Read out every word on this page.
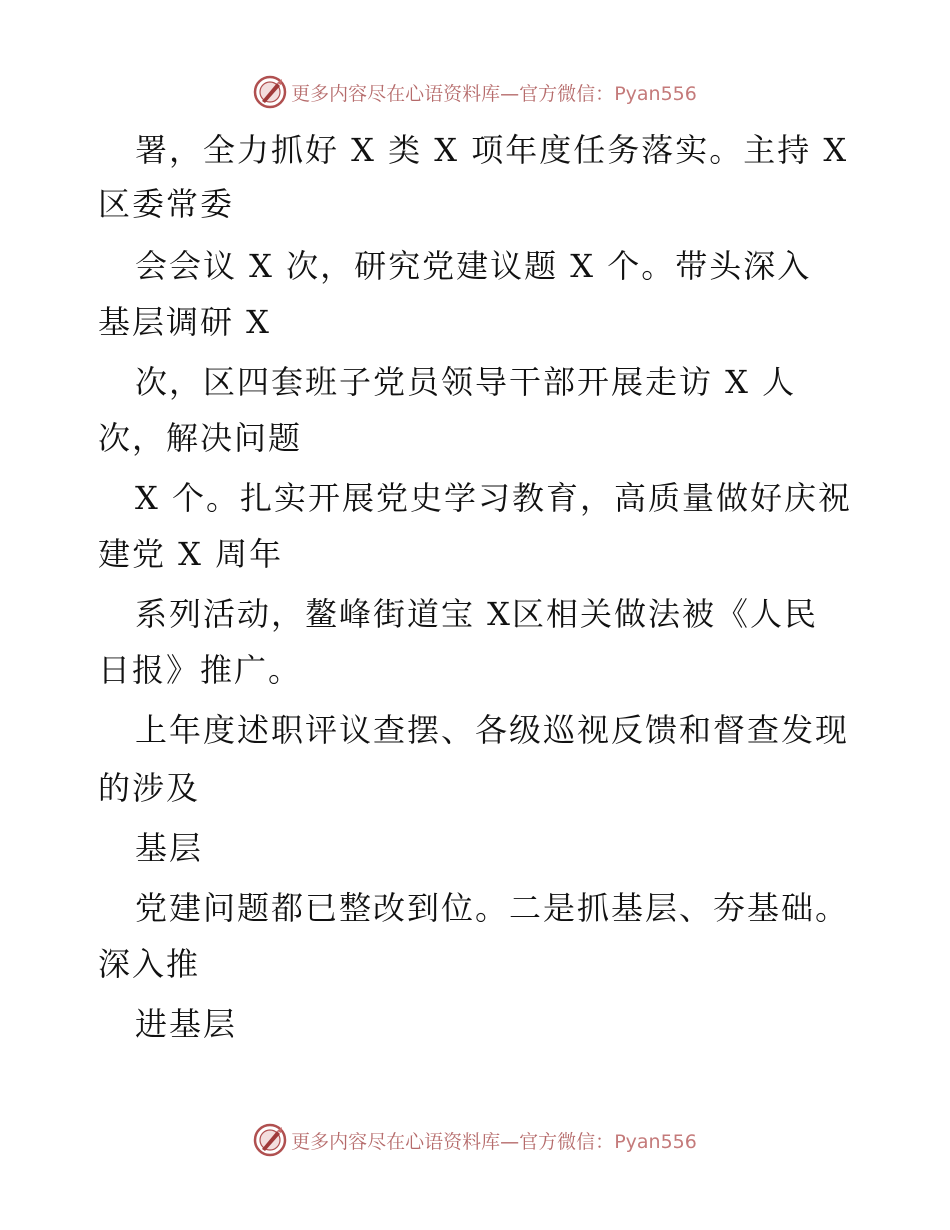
更多内容尽在心语资料库—官方微信：Pyan556
署，全力抓好 X 类 X 项年度任务落实。主持 X
区委常委
会会议 X 次，研究党建议题 X 个。带头深入
基层调研 X
次，区四套班子党员领导干部开展走访 X 人
次，解决问题
X 个。扎实开展党史学习教育，高质量做好庆祝
建党 X 周年
系列活动，鳌峰街道宝 X区相关做法被《人民
日报》推广。
上年度述职评议查摆、各级巡视反馈和督查发现
的涉及
基层
党建问题都已整改到位。二是抓基层、夯基础。
深入推
进基层
更多内容尽在心语资料库—官方微信：Pyan556
